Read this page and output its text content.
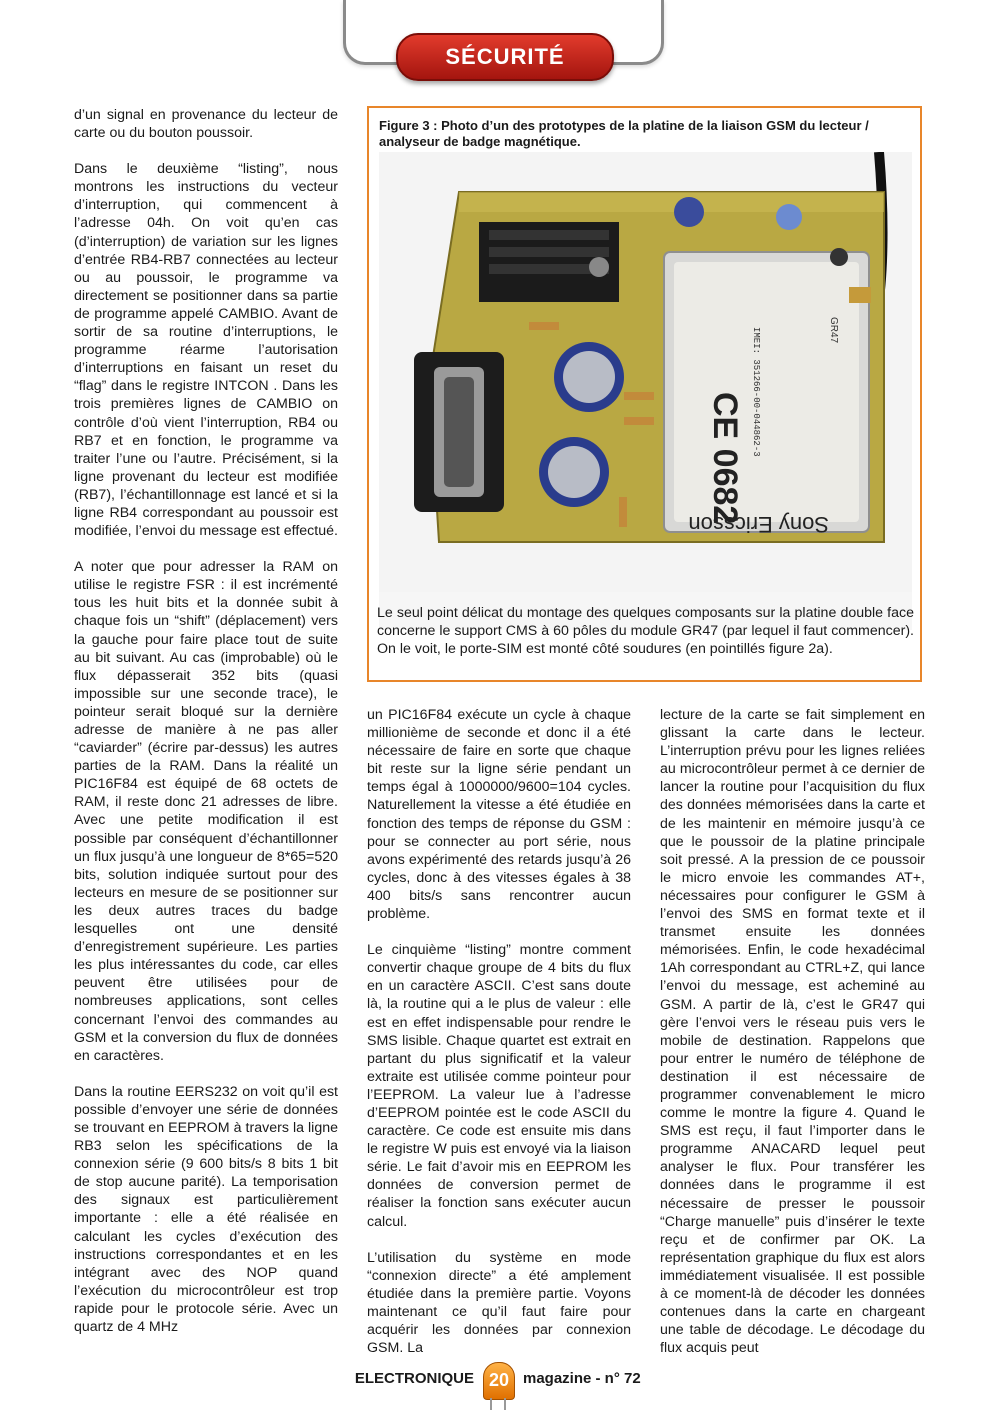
SÉCURITÉ

d’un signal en provenance du lecteur de carte ou du bouton poussoir.

Dans le deuxième “listing”, nous montrons les instructions du vecteur d’interruption, qui commencent à l’adresse 04h. On voit qu’en cas (d’interruption) de variation sur les lignes d’entrée RB4-RB7 connectées au lecteur ou au poussoir, le programme va directement se positionner dans sa partie de programme appelé CAMBIO. Avant de sortir de sa routine d’interruptions, le programme réarme l’autorisation d’interruptions en faisant un reset du “flag” dans le registre INTCON . Dans les trois premières lignes de CAMBIO on contrôle d’où vient l’interruption, RB4 ou RB7 et en fonction, le programme va traiter l’une ou l’autre. Précisément, si la ligne provenant du lecteur est modifiée (RB7), l’échantillonnage est lancé et si la ligne RB4 correspondant au poussoir est modifiée, l’envoi du message est effectué.

A noter que pour adresser la RAM on utilise le registre FSR : il est incrémenté tous les huit bits et la donnée subit à chaque fois un “shift” (déplacement) vers la gauche pour faire place tout de suite au bit suivant. Au cas (improbable) où le flux dépasserait 352 bits (quasi impossible sur une seconde trace), le pointeur serait bloqué sur la dernière adresse de manière à ne pas aller “caviarder” (écrire par-dessus) les autres parties de la RAM. Dans la réalité un PIC16F84 est équipé de 68 octets de RAM, il reste donc 21 adresses de libre. Avec une petite modification il est possible par conséquent d’échantillonner un flux jusqu’à une longueur de 8*65=520 bits, solution indiquée surtout pour des lecteurs en mesure de se positionner sur les deux autres traces du badge lesquelles ont une densité d’enregistrement supérieure. Les parties les plus intéressantes du code, car elles peuvent être utilisées pour de nombreuses applications, sont celles concernant l’envoi des commandes au GSM et la conversion du flux de données en caractères.

Dans la routine EERS232 on voit qu’il est possible d’envoyer une série de données se trouvant en EEPROM à travers la ligne RB3 selon les spécifications de la connexion série (9 600 bits/s 8 bits 1 bit de stop aucune parité). La temporisation des signaux est particulièrement importante : elle a été réalisée en calculant les cycles d’exécution des instructions correspondantes et en les intégrant avec des NOP quand l’exécution du microcontrôleur est trop rapide pour le protocole série. Avec un quartz de 4 MHz

Figure 3 : Photo d’un des prototypes de la platine de la liaison GSM du lecteur / analyseur de badge magnétique.

GR47
CE 0682
IMEI: 351266-00-044862-3
Sony Ericsson

Le seul point délicat du montage des quelques composants sur la platine double face concerne le support CMS à 60 pôles du module GR47 (par lequel il faut commencer). On le voit, le porte-SIM est monté côté soudures (en pointillés figure 2a).

un PIC16F84 exécute un cycle à chaque millionième de seconde et donc il a été nécessaire de faire en sorte que chaque bit reste sur la ligne série pendant un temps égal à 1000000/9600=104 cycles. Naturellement la vitesse a été étudiée en fonction des temps de réponse du GSM : pour se connecter au port série, nous avons expérimenté des retards jusqu’à 26 cycles, donc à des vitesses égales à 38 400 bits/s sans rencontrer aucun problème.

Le cinquième “listing” montre comment convertir chaque groupe de 4 bits du flux en un caractère ASCII. C’est sans doute là, la routine qui a le plus de valeur : elle est en effet indispensable pour rendre le SMS lisible. Chaque quartet est extrait en partant du plus significatif et la valeur extraite est utilisée comme pointeur pour l’EEPROM. La valeur lue à l’adresse d’EEPROM pointée est le code ASCII du caractère. Ce code est ensuite mis dans le registre W puis est envoyé via la liaison série. Le fait d’avoir mis en EEPROM les données de conversion permet de réaliser la fonction sans exécuter aucun calcul.

L’utilisation du système en mode “connexion directe” a été amplement étudiée dans la première partie. Voyons maintenant ce qu’il faut faire pour acquérir les données par connexion GSM. La

lecture de la carte se fait simplement en glissant la carte dans le lecteur. L’interruption prévu pour les lignes reliées au microcontrôleur permet à ce dernier de lancer la routine pour l’acquisition du flux des données mémorisées dans la carte et de les maintenir en mémoire jusqu’à ce que le poussoir de la platine principale soit pressé. A la pression de ce poussoir le micro envoie les commandes AT+, nécessaires pour configurer le GSM à l’envoi des SMS en format texte et il transmet ensuite les données mémorisées. Enfin, le code hexadécimal 1Ah correspondant au CTRL+Z, qui lance l’envoi du message, est acheminé au GSM. A partir de là, c’est le GR47 qui gère l’envoi vers le réseau puis vers le mobile de destination. Rappelons que pour entrer le numéro de téléphone de destination il est nécessaire de programmer convenablement le micro comme le montre la figure 4. Quand le SMS est reçu, il faut l’importer dans le programme ANACARD lequel peut analyser le flux. Pour transférer les données dans le programme il est nécessaire de presser le poussoir “Charge manuelle” puis d’insérer le texte reçu et de confirmer par OK. La représentation graphique du flux est alors immédiatement visualisée. Il est possible à ce moment-là de décoder les données contenues dans la carte en chargeant une table de décodage. Le décodage du flux acquis peut

ELECTRONIQUE 20 magazine - n° 72
